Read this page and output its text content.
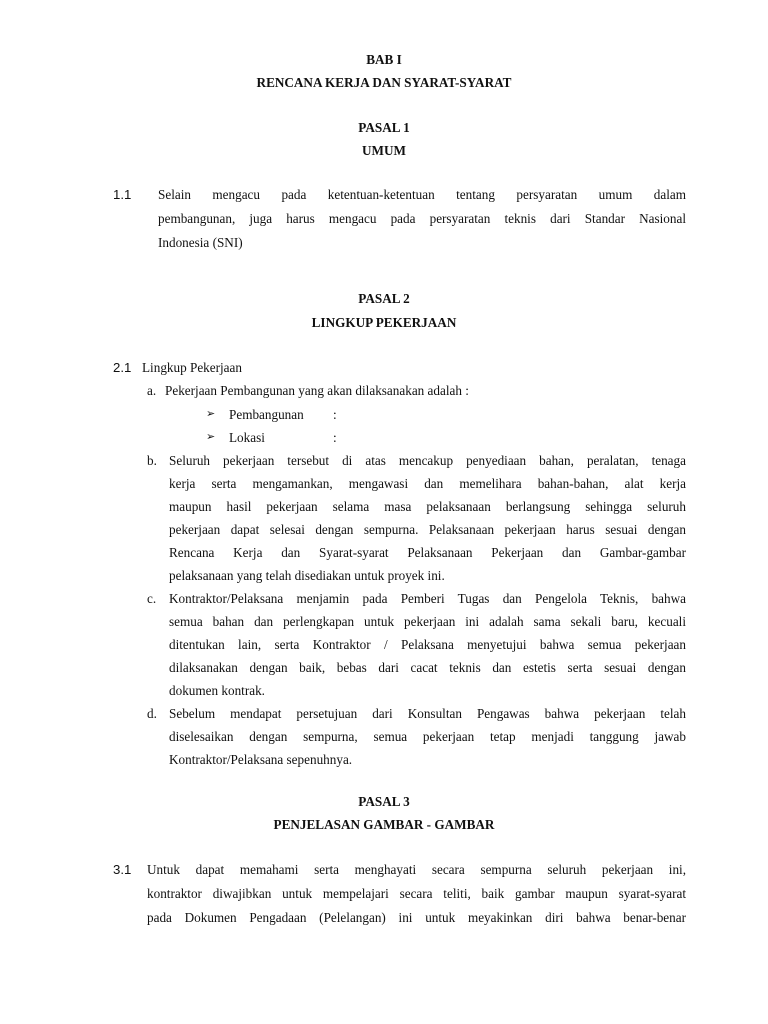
BAB I
RENCANA KERJA DAN SYARAT-SYARAT
PASAL 1
UMUM
1.1 Selain mengacu pada ketentuan-ketentuan tentang persyaratan umum dalam
pembangunan, juga harus mengacu pada persyaratan teknis dari Standar Nasional
Indonesia (SNI)
PASAL 2
LINGKUP PEKERJAAN
2.1 Lingkup Pekerjaan
a. Pekerjaan Pembangunan yang akan dilaksanakan adalah :
➢ Pembangunan :
➢ Lokasi	:
b. Seluruh pekerjaan tersebut di atas mencakup penyediaan bahan, peralatan, tenaga
kerja serta mengamankan, mengawasi dan memelihara bahan-bahan, alat kerja
maupun hasil pekerjaan selama masa pelaksanaan berlangsung sehingga seluruh
pekerjaan dapat selesai dengan sempurna. Pelaksanaan pekerjaan harus sesuai dengan
Rencana Kerja dan Syarat-syarat Pelaksanaan Pekerjaan dan Gambar-gambar
pelaksanaan yang telah disediakan untuk proyek ini.
c. Kontraktor/Pelaksana menjamin pada Pemberi Tugas dan Pengelola Teknis, bahwa
semua bahan dan perlengkapan untuk pekerjaan ini adalah sama sekali baru, kecuali
ditentukan lain, serta Kontraktor / Pelaksana menyetujui bahwa semua pekerjaan
dilaksanakan dengan baik, bebas dari cacat teknis dan estetis serta sesuai dengan
dokumen kontrak.
d. Sebelum mendapat persetujuan dari Konsultan Pengawas bahwa pekerjaan telah
diselesaikan dengan sempurna, semua pekerjaan tetap menjadi tanggung jawab
Kontraktor/Pelaksana sepenuhnya.
PASAL 3
PENJELASAN GAMBAR - GAMBAR
3.1 Untuk dapat memahami serta menghayati secara sempurna seluruh pekerjaan ini,
kontraktor diwajibkan untuk mempelajari secara teliti, baik gambar maupun syarat-syarat
pada Dokumen Pengadaan (Pelelangan) ini untuk meyakinkan diri bahwa benar-benar
